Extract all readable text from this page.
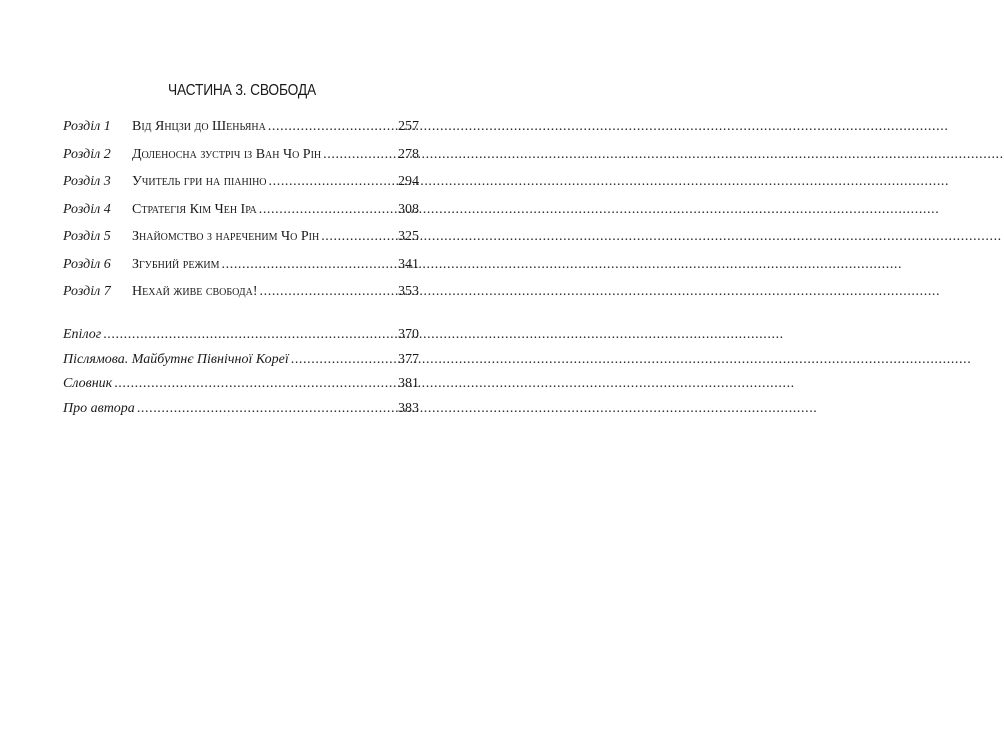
ЧАСТИНА 3. СВОБОДА
Розділ 1	Від Янцзи до Шеньяна .....	257
Розділ 2	Доленосна зустріч із Ван Чо Рін .....	278
Розділ 3	Учитель гри на піаніно .....	294
Розділ 4	Стратегія Кім Чен Іра .....	308
Розділ 5	Знайомство з нареченим Чо Рін .....	325
Розділ 6	Згубний режим .....	341
Розділ 7	Нехай живе свобода! .....	353
Епілог .....	370
Післямова. Майбутнє Північної Кореї .....	377
Словник .....	381
Про автора .....	383
